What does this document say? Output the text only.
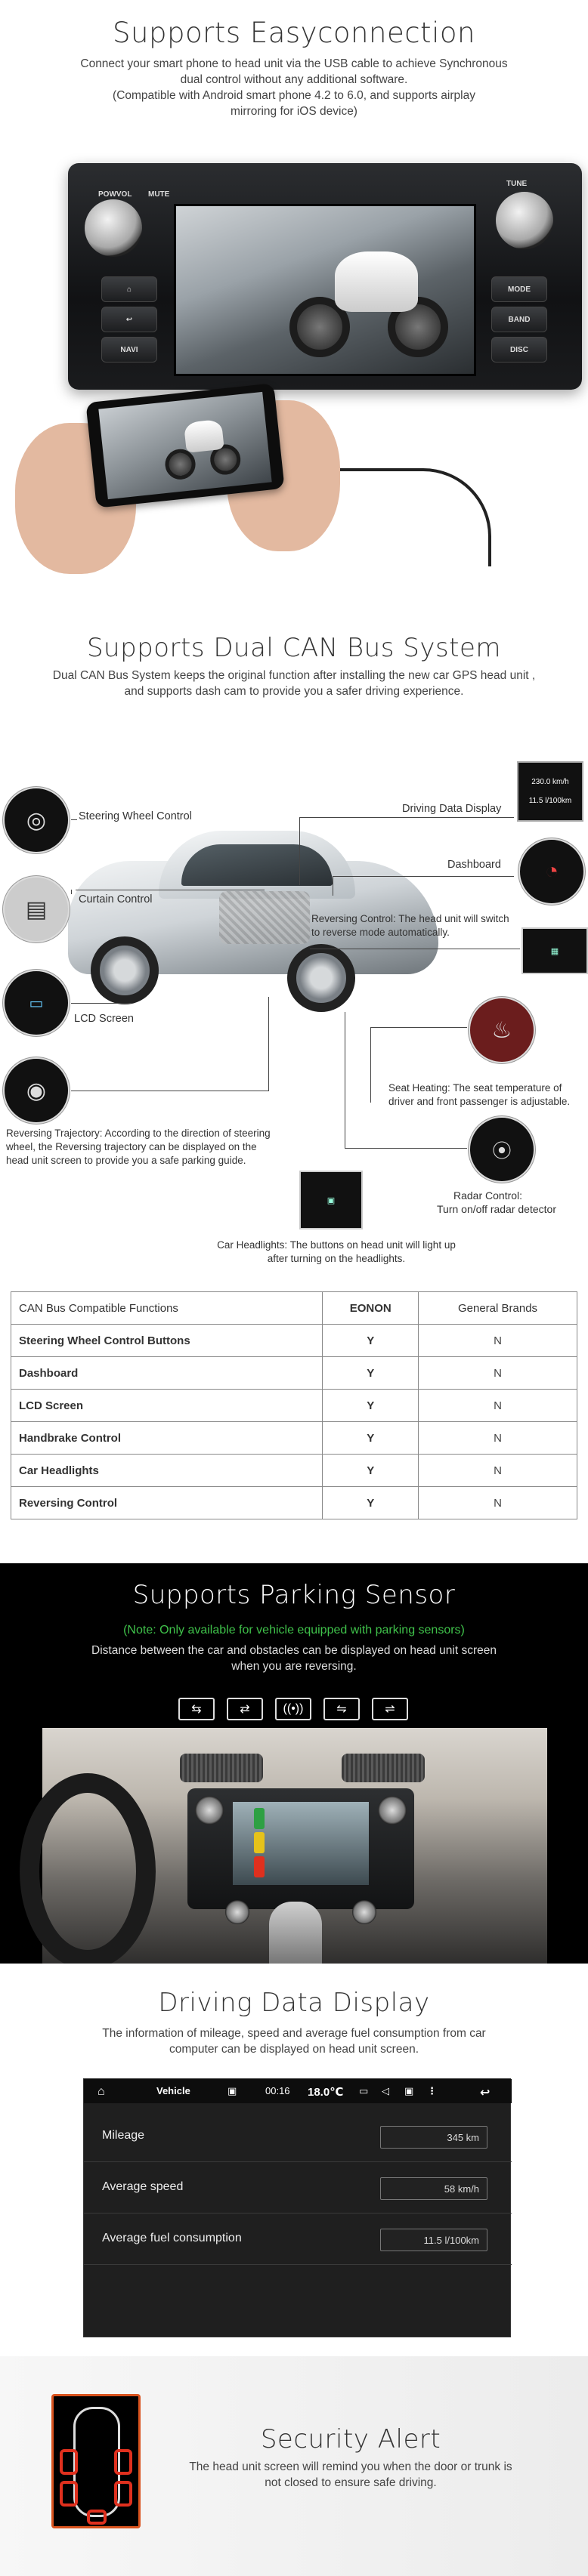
Supports Easyconnection
Connect your smart phone to head unit via the USB cable to achieve Synchronous
dual control without any additional software.
(Compatible with Android smart phone 4.2 to 6.0, and supports airplay
mirroring for iOS device)
POWVOL MUTE
TUNE
⌂
↩
NAVI
MODE
BAND
DISC
Supports Dual CAN Bus System
Dual CAN Bus System keeps the original function after installing the new car GPS head unit ,
and supports dash cam to provide you a safer driving experience.
◎	Steering Wheel Control
▤	Curtain Control
▭
LCD Screen
◉
Reversing Trajectory: According to the direction of steering wheel, the Reversing trajectory can be displayed on the head unit screen to provide you a safe parking guide.
Driving Data Display
230.0 km/h
11.5 l/100km
◔
Dashboard
Reversing Control: The head unit will switch to reverse mode automatically.
▦
♨
Seat Heating: The seat temperature of driver and front passenger is adjustable.
⦿
Radar Control:
Turn on/off radar detector
▣
Car Headlights: The buttons on head unit will light up after turning on the headlights.
CAN Bus Compatible Functions	EONON	General Brands
Steering Wheel Control Buttons	Y	N
Dashboard	Y	N
LCD Screen	Y	N
Handbrake Control	Y	N
Car Headlights	Y	N
Reversing Control	Y	N
Supports Parking Sensor
(Note: Only available for vehicle equipped with parking sensors)
Distance between the car and obstacles can be displayed on head unit screen
when you are reversing.
⇆	⇄	((•))	⇋	⇌
Driving Data Display
The information of mileage, speed and average fuel consumption from car
computer can be displayed on head unit screen.
⌂	Vehicle	▣	00:16 18.0℃ ▭ ◁ ▣ ⋮	↩
Mileage	345 km
Average speed	58 km/h
Average fuel consumption	11.5 l/100km
Security Alert
The head unit screen will remind you when the door or trunk is
not closed to ensure safe driving.
